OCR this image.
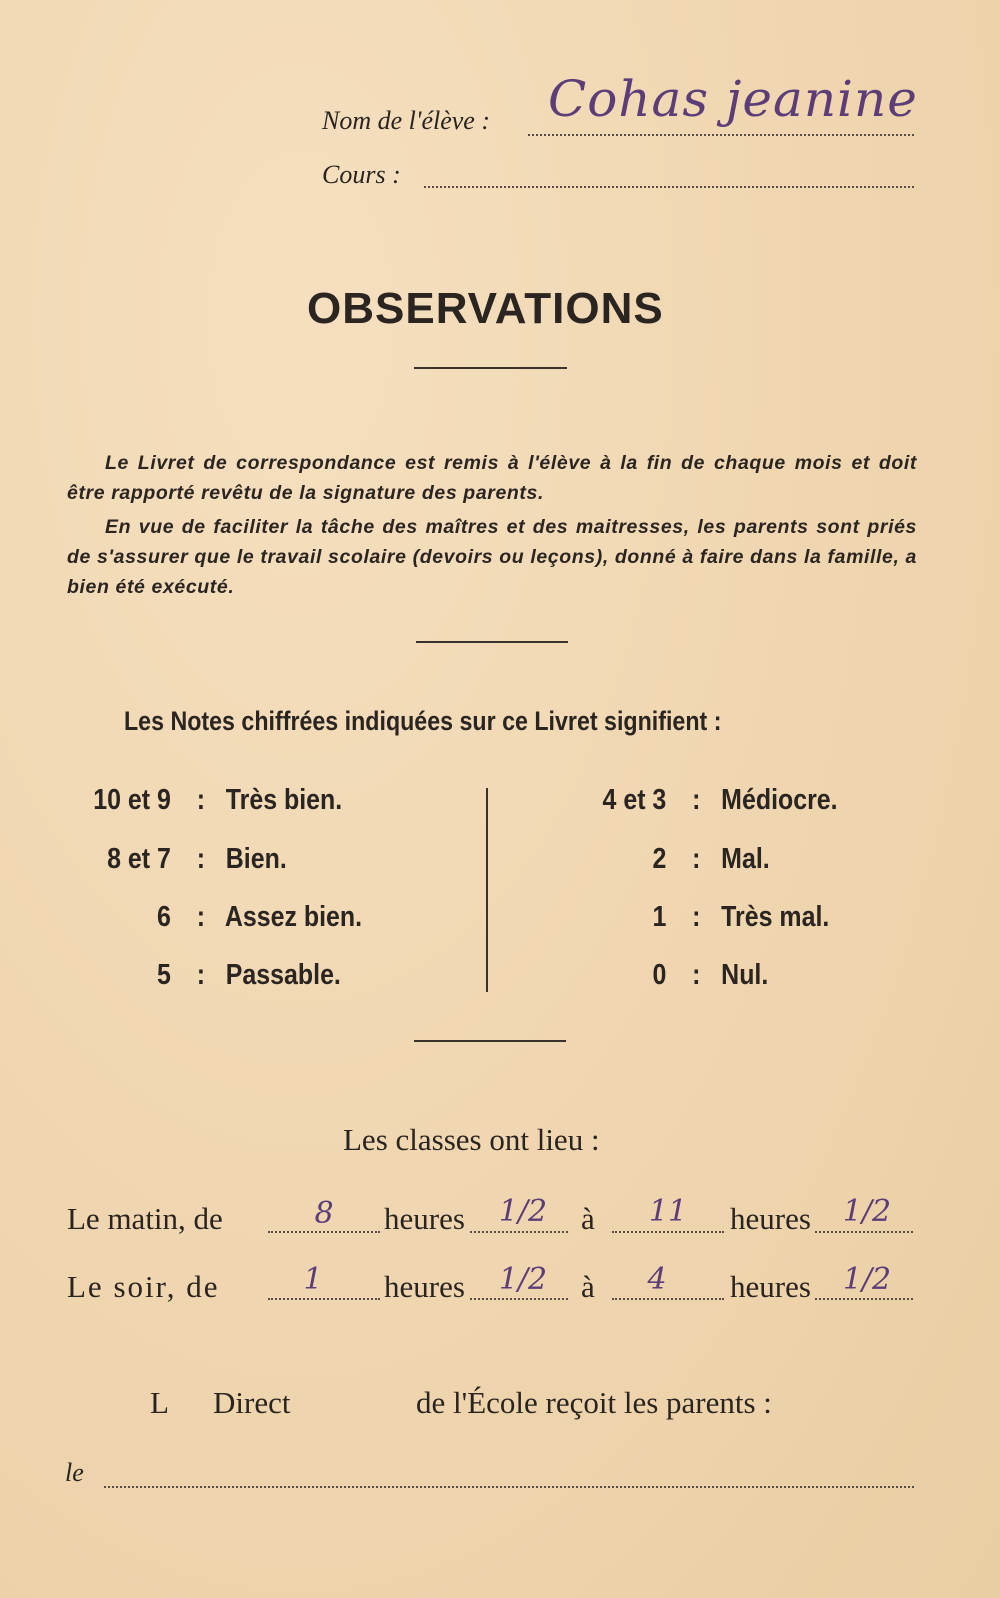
Nom de l'élève : Cohas jeanine
Cours :
OBSERVATIONS
Le Livret de correspondance est remis à l'élève à la fin de chaque mois et doit être rapporté revêtu de la signature des parents.
En vue de faciliter la tâche des maîtres et des maitresses, les parents sont priés de s'assurer que le travail scolaire (devoirs ou leçons), donné à faire dans la famille, a bien été exécuté.
Les Notes chiffrées indiquées sur ce Livret signifient :
10 et 9 : Très bien.
8 et 7 : Bien.
6 : Assez bien.
5 : Passable.
4 et 3 : Médiocre.
2 : Mal.
1 : Très mal.
0 : Nul.
Les classes ont lieu :
Le matin, de	8	heures	1/2	à	11	heures	1/2
Le soir, de	1	heures	1/2	à	4	heures	1/2
L Direct	de l'École reçoit les parents :
le
